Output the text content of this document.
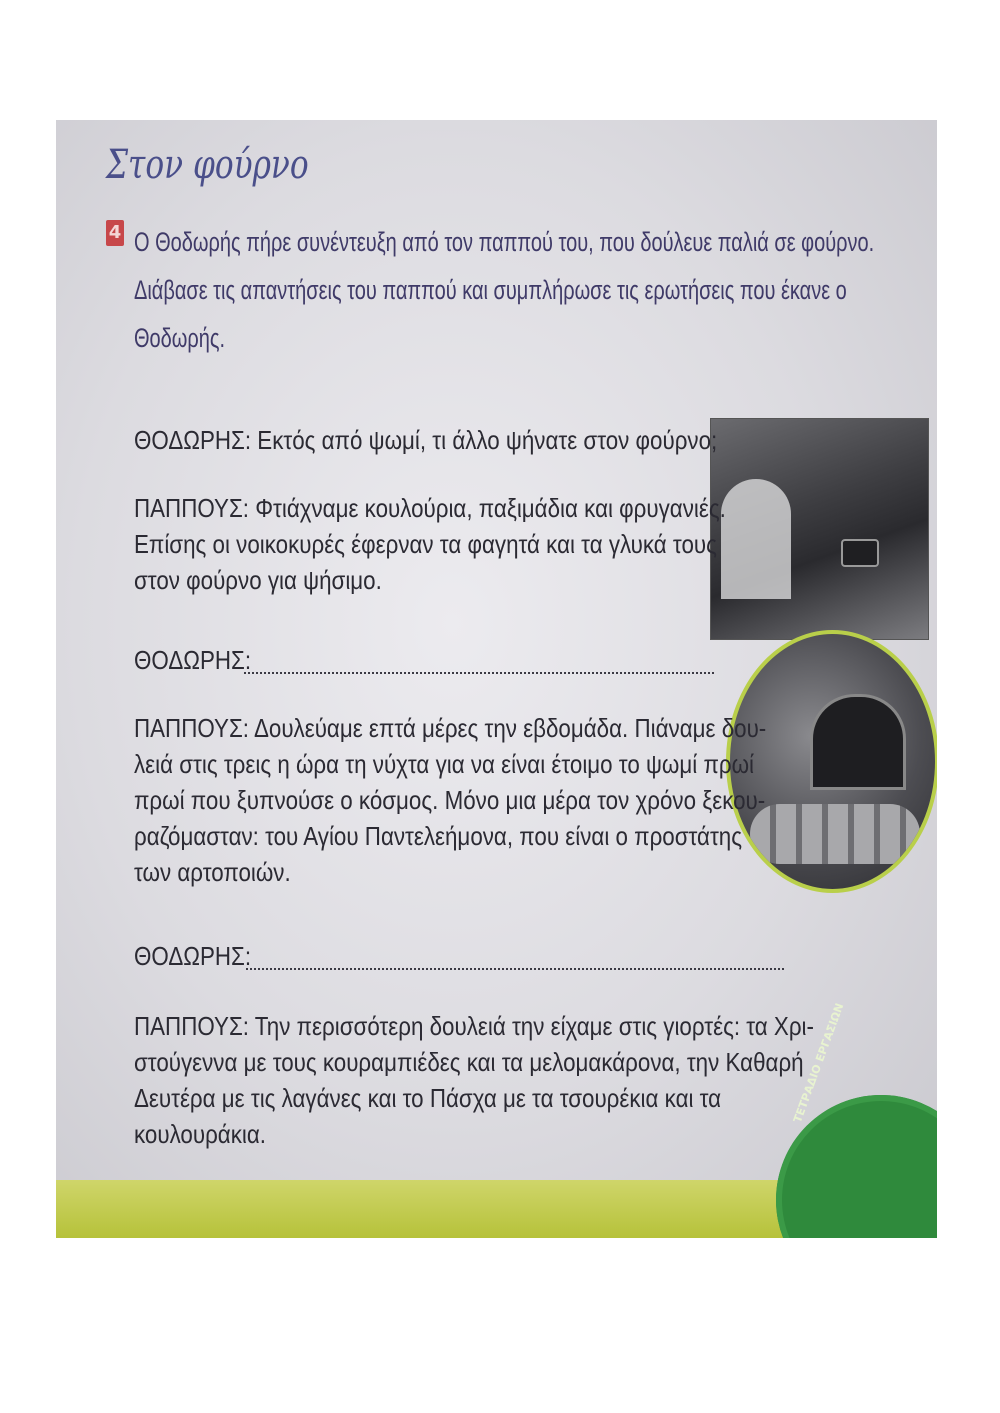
Στον φούρνο
4 Ο Θοδωρής πήρε συνέντευξη από τον παππού του, που δούλευε παλιά σε φούρνο.
Διάβασε τις απαντήσεις του παππού και συμπλήρωσε τις ερωτήσεις που έκανε ο Θοδωρής.
ΘΟΔΩΡΗΣ: Εκτός από ψωμί, τι άλλο ψήνατε στον φούρνο;
ΠΑΠΠΟΥΣ: Φτιάχναμε κουλούρια, παξιμάδια και φρυγανιές.
Επίσης οι νοικοκυρές έφερναν τα φαγητά και τα γλυκά τους
στον φούρνο για ψήσιμο.
ΘΟΔΩΡΗΣ:
ΠΑΠΠΟΥΣ: Δουλεύαμε επτά μέρες την εβδομάδα. Πιάναμε δου-
λειά στις τρεις η ώρα τη νύχτα για να είναι έτοιμο το ψωμί πρωί
πρωί που ξυπνούσε ο κόσμος. Μόνο μια μέρα τον χρόνο ξεκου-
ραζόμασταν: του Αγίου Παντελεήμονα, που είναι ο προστάτης
των αρτοποιών.
ΘΟΔΩΡΗΣ:
ΠΑΠΠΟΥΣ: Την περισσότερη δουλειά την είχαμε στις γιορτές: τα Χρι-
στούγεννα με τους κουραμπιέδες και τα μελομακάρονα, την Καθαρή
Δευτέρα με τις λαγάνες και το Πάσχα με τα τσουρέκια και τα κουλουράκια.
ΤΕΤΡΑΔΙΟ ΕΡΓΑΣΙΩΝ
